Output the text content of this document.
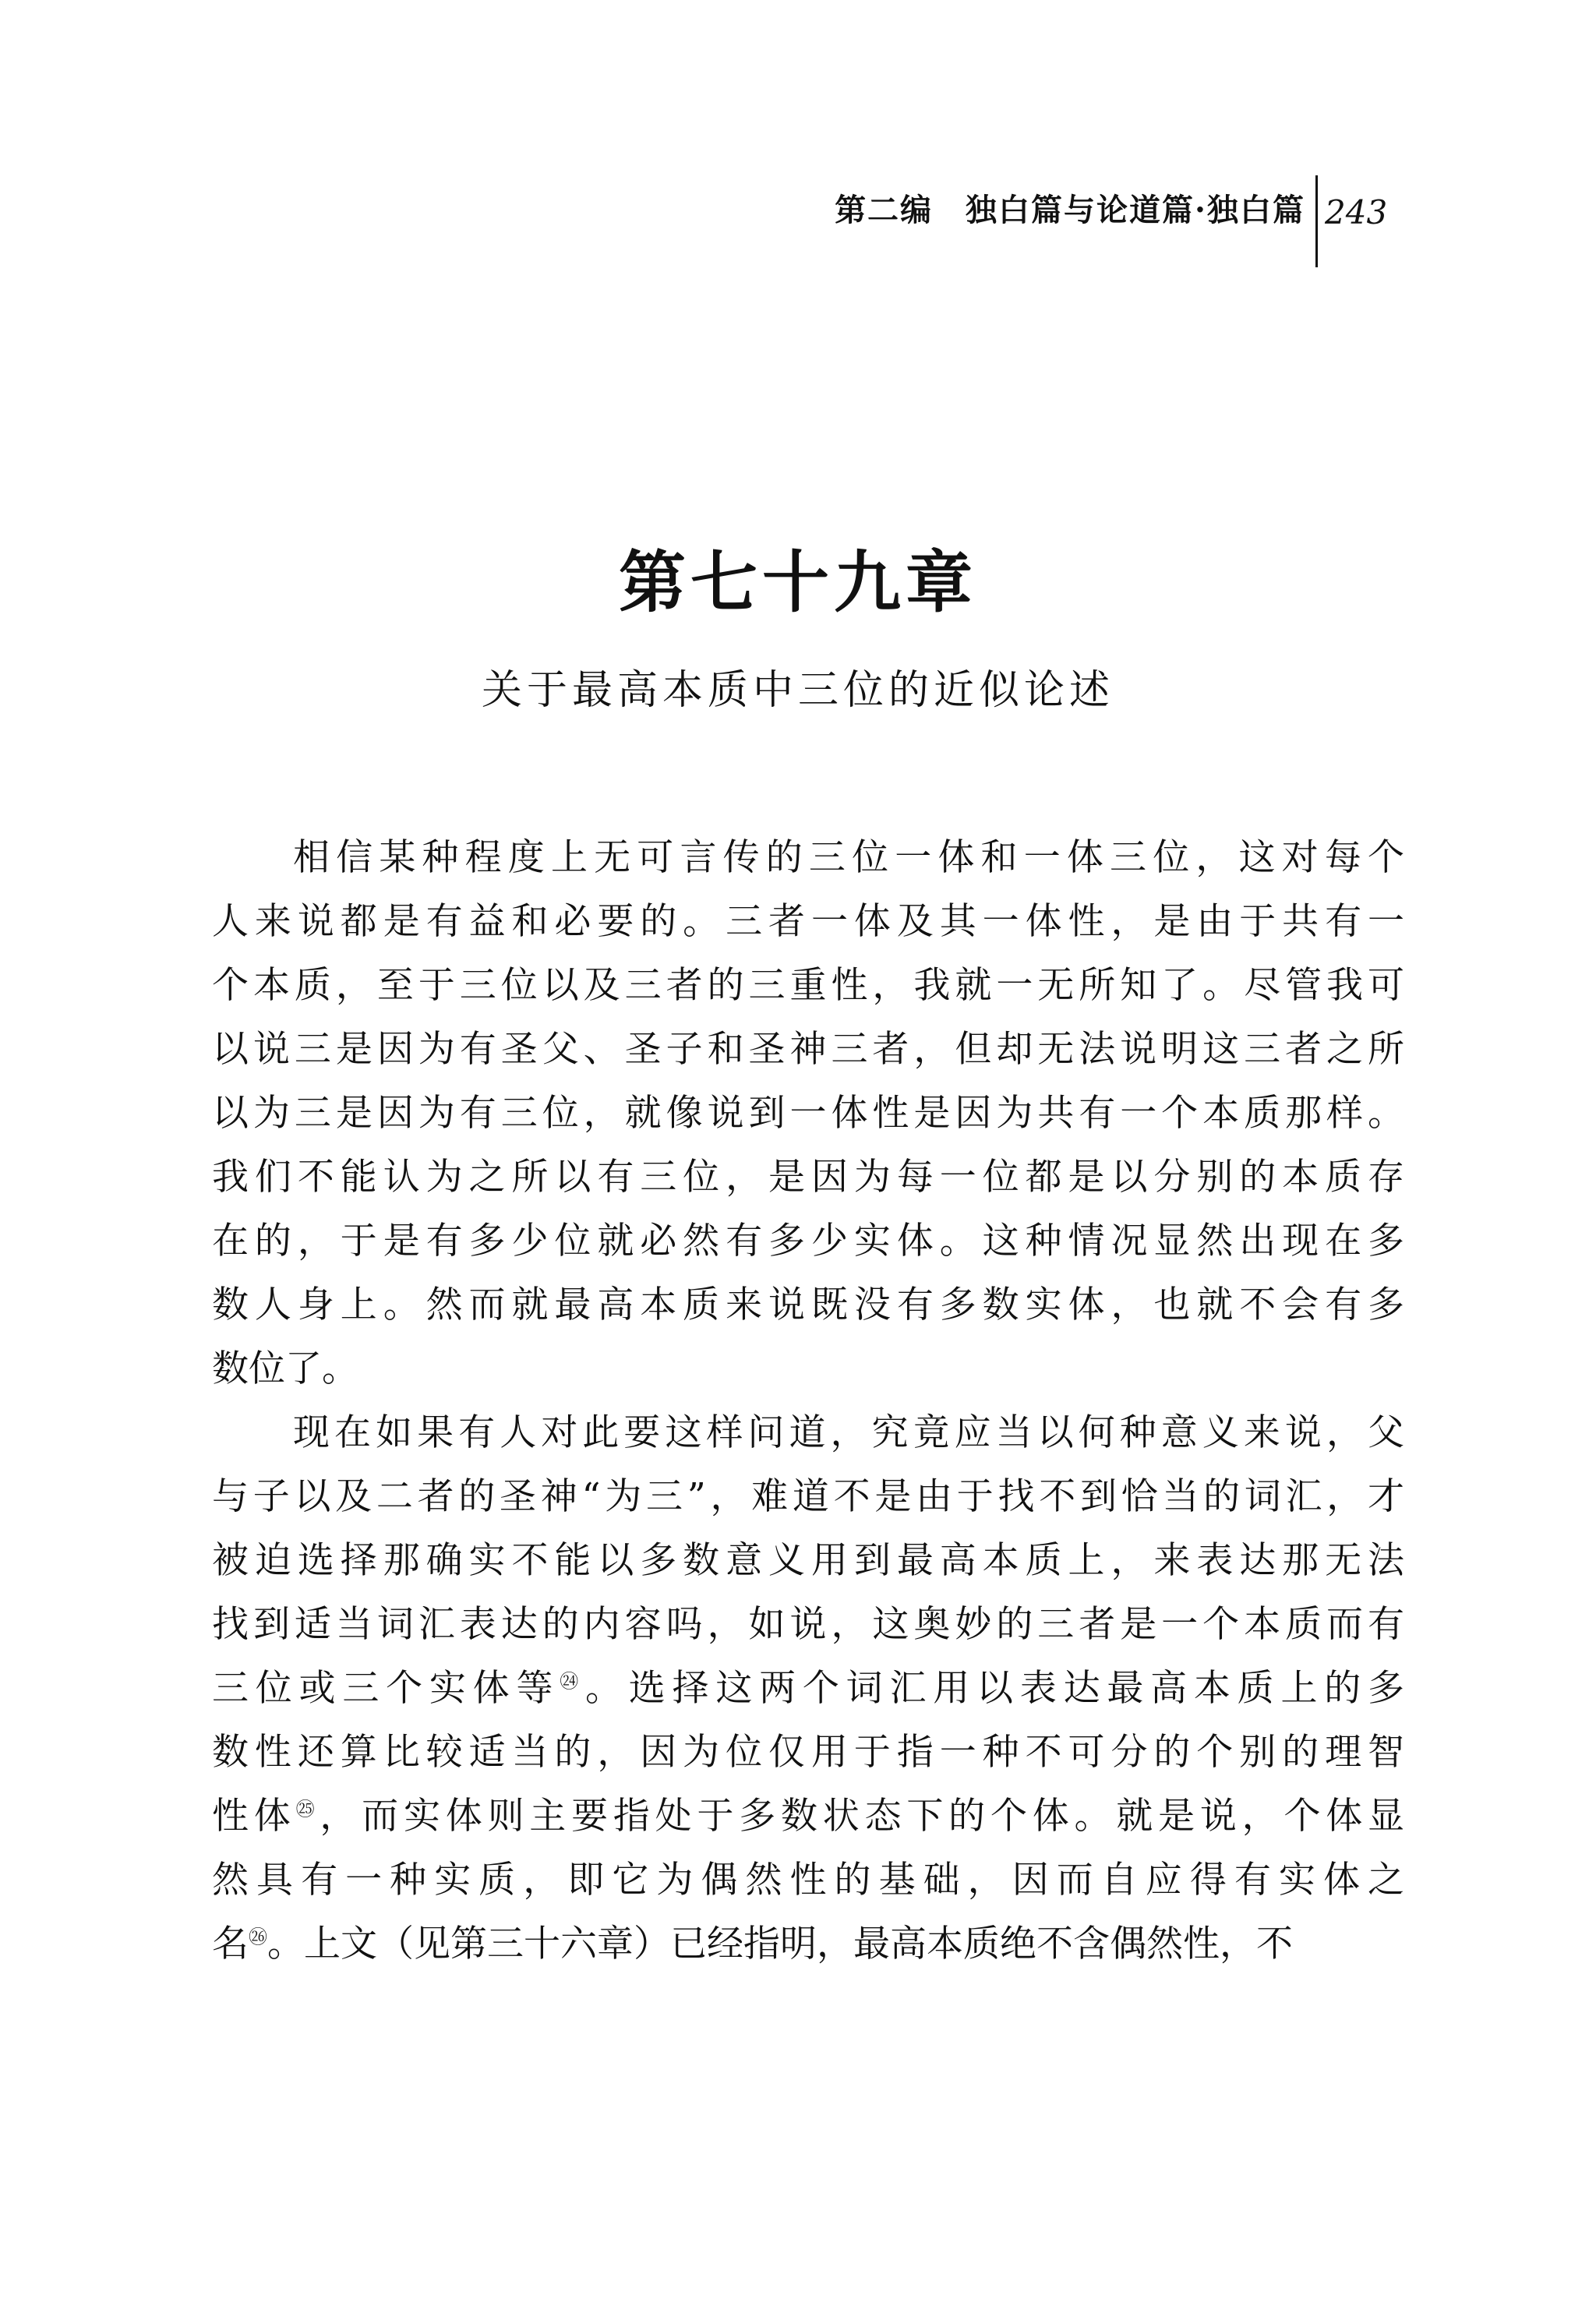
第二编　独白篇与论道篇·独白篇 243
第七十九章
关于最高本质中三位的近似论述

相信某种程度上无可言传的三位一体和一体三位，这对每个
人来说都是有益和必要的。三者一体及其一体性，是由于共有一
个本质，至于三位以及三者的三重性，我就一无所知了。尽管我可
以说三是因为有圣父、圣子和圣神三者，但却无法说明这三者之所
以为三是因为有三位，就像说到一体性是因为共有一个本质那样。
我们不能认为之所以有三位，是因为每一位都是以分别的本质存
在的，于是有多少位就必然有多少实体。这种情况显然出现在多
数人身上。然而就最高本质来说既没有多数实体，也就不会有多
数位了。

现在如果有人对此要这样问道，究竟应当以何种意义来说，父
与子以及二者的圣神“为三”，难道不是由于找不到恰当的词汇，才
被迫选择那确实不能以多数意义用到最高本质上，来表达那无法
找到适当词汇表达的内容吗，如说，这奥妙的三者是一个本质而有
三位或三个实体等$^㉔$。选择这两个词汇用以表达最高本质上的多
数性还算比较适当的，因为位仅用于指一种不可分的个别的理智
性体$^㉕$，而实体则主要指处于多数状态下的个体。就是说，个体显
然具有一种实质，即它为偶然性的基础，因而自应得有实体之
名$^㉖$。上文（见第三十六章）已经指明，最高本质绝不含偶然性，不
